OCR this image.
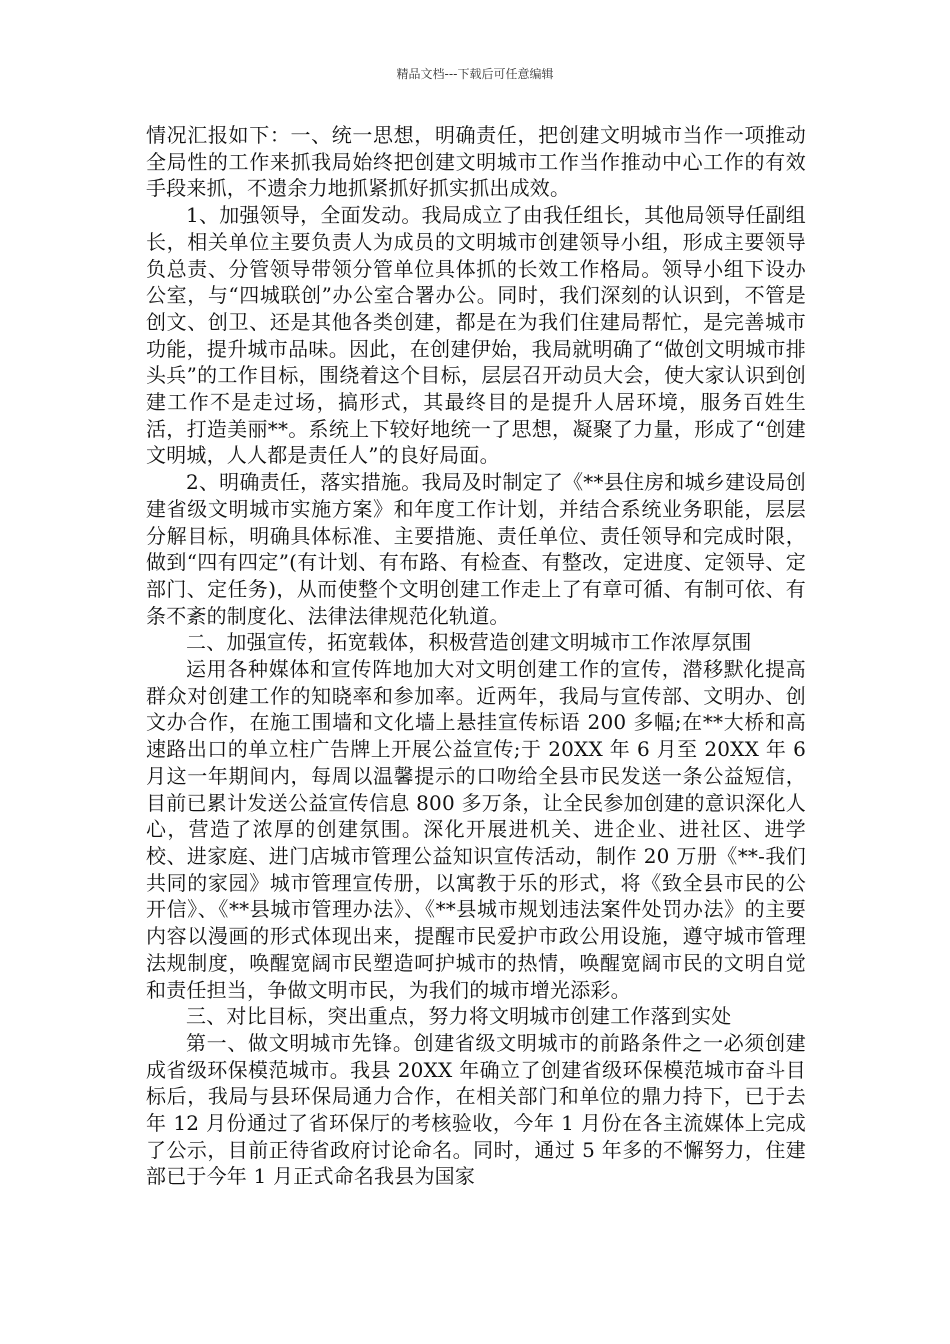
精品文档---下载后可任意编辑

情况汇报如下：一、统一思想，明确责任，把创建文明城市当作一项推动全局性的工作来抓我局始终把创建文明城市工作当作推动中心工作的有效手段来抓，不遗余力地抓紧抓好抓实抓出成效。

1、加强领导，全面发动。我局成立了由我任组长，其他局领导任副组长，相关单位主要负责人为成员的文明城市创建领导小组，形成主要领导负总责、分管领导带领分管单位具体抓的长效工作格局。领导小组下设办公室，与“四城联创”办公室合署办公。同时，我们深刻的认识到，不管是创文、创卫、还是其他各类创建，都是在为我们住建局帮忙，是完善城市功能，提升城市品味。因此，在创建伊始，我局就明确了“做创文明城市排头兵”的工作目标，围绕着这个目标，层层召开动员大会，使大家认识到创建工作不是走过场，搞形式，其最终目的是提升人居环境，服务百姓生活，打造美丽**。系统上下较好地统一了思想，凝聚了力量，形成了“创建文明城，人人都是责任人”的良好局面。

2、明确责任，落实措施。我局及时制定了《**县住房和城乡建设局创建省级文明城市实施方案》和年度工作计划，并结合系统业务职能，层层分解目标，明确具体标准、主要措施、责任单位、责任领导和完成时限，做到“四有四定”(有计划、有布路、有检查、有整改，定进度、定领导、定部门、定任务)，从而使整个文明创建工作走上了有章可循、有制可依、有条不紊的制度化、法律法律规范化轨道。

二、加强宣传，拓宽载体，积极营造创建文明城市工作浓厚氛围

运用各种媒体和宣传阵地加大对文明创建工作的宣传，潜移默化提高群众对创建工作的知晓率和参加率。近两年，我局与宣传部、文明办、创文办合作，在施工围墙和文化墙上悬挂宣传标语 200 多幅;在**大桥和高速路出口的单立柱广告牌上开展公益宣传;于 20XX 年 6 月至 20XX 年 6 月这一年期间内，每周以温馨提示的口吻给全县市民发送一条公益短信，目前已累计发送公益宣传信息 800 多万条，让全民参加创建的意识深化人心，营造了浓厚的创建氛围。深化开展进机关、进企业、进社区、进学校、进家庭、进门店城市管理公益知识宣传活动，制作 20 万册《**-我们共同的家园》城市管理宣传册，以寓教于乐的形式，将《致全县市民的公开信》、《**县城市管理办法》、《**县城市规划违法案件处罚办法》的主要内容以漫画的形式体现出来，提醒市民爱护市政公用设施，遵守城市管理法规制度，唤醒宽阔市民塑造呵护城市的热情，唤醒宽阔市民的文明自觉和责任担当，争做文明市民，为我们的城市增光添彩。

三、对比目标，突出重点，努力将文明城市创建工作落到实处

第一、做文明城市先锋。创建省级文明城市的前路条件之一必须创建成省级环保模范城市。我县 20XX 年确立了创建省级环保模范城市奋斗目标后，我局与县环保局通力合作，在相关部门和单位的鼎力持下，已于去年 12 月份通过了省环保厅的考核验收，今年 1 月份在各主流媒体上完成了公示，目前正待省政府讨论命名。同时，通过 5 年多的不懈努力，住建部已于今年 1 月正式命名我县为国家
